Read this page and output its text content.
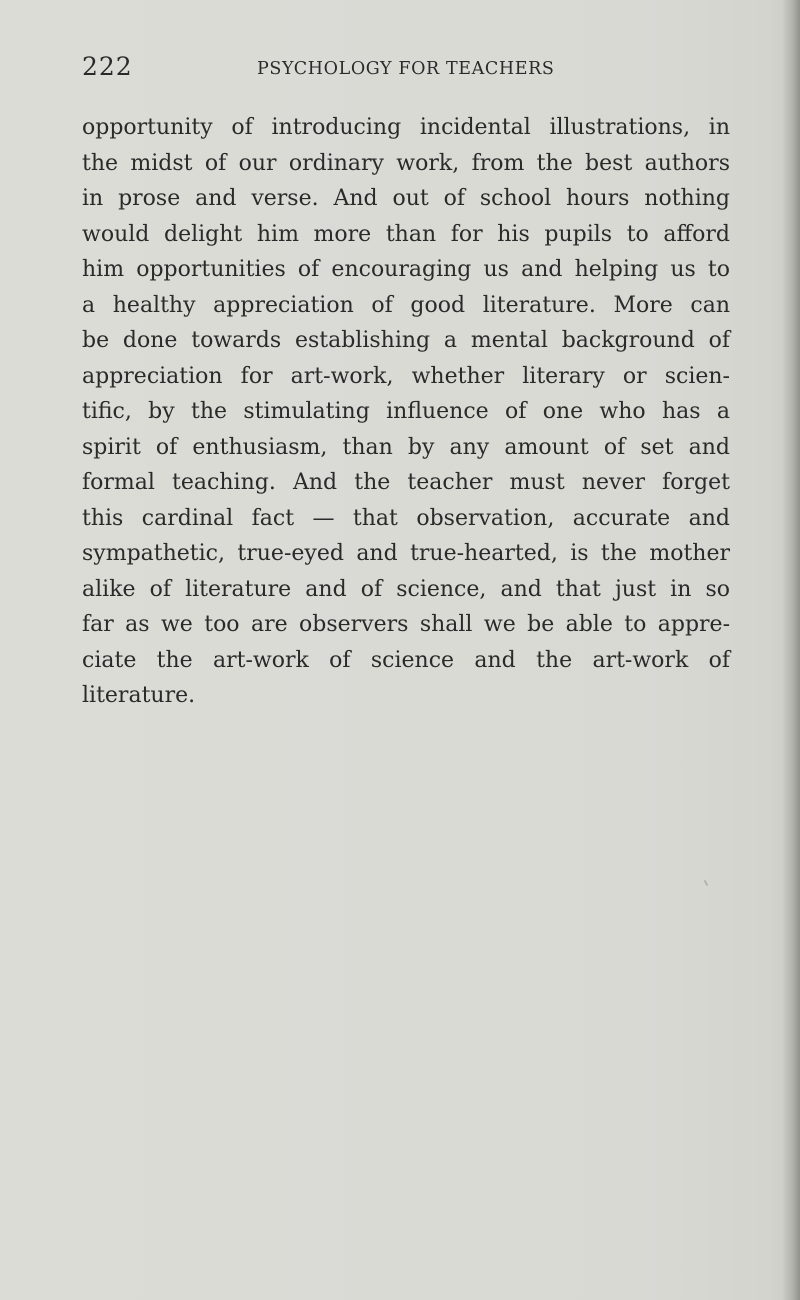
222	PSYCHOLOGY FOR TEACHERS
opportunity of introducing incidental illustrations, in
the midst of our ordinary work, from the best authors
in prose and verse. And out of school hours nothing
would delight him more than for his pupils to afford
him opportunities of encouraging us and helping us to
a healthy appreciation of good literature. More can
be done towards establishing a mental background of
appreciation for art-work, whether literary or scien-
tific, by the stimulating influence of one who has a
spirit of enthusiasm, than by any amount of set and
formal teaching. And the teacher must never forget
this cardinal fact — that observation, accurate and
sympathetic, true-eyed and true-hearted, is the mother
alike of literature and of science, and that just in so
far as we too are observers shall we be able to appre-
ciate the art-work of science and the art-work of
literature.
